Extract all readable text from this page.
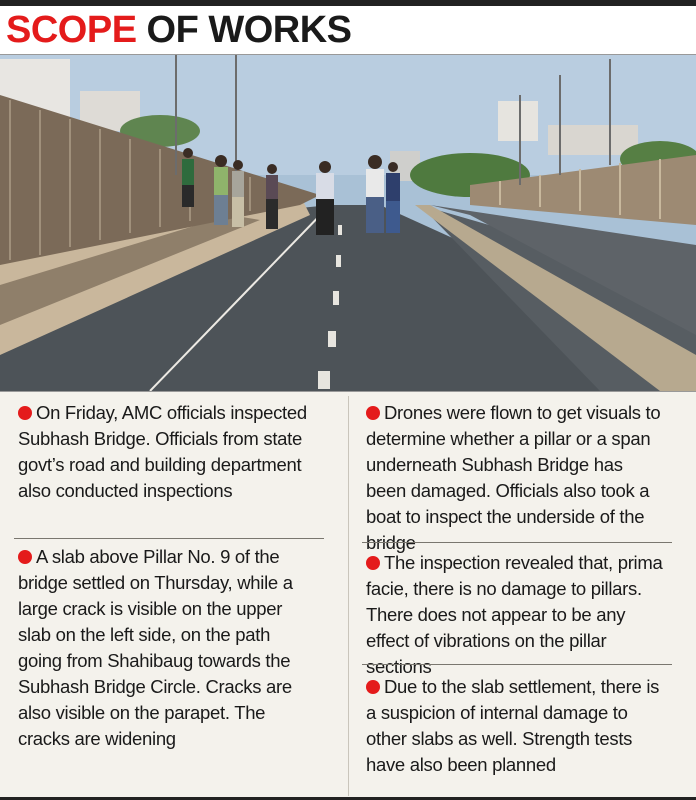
SCOPE OF WORKS
On Friday, AMC officials inspected Subhash Bridge. Officials from state govt’s road and building department also conducted inspections
A slab above Pillar No. 9 of the bridge settled on Thursday, while a large crack is visible on the upper slab on the left side, on the path going from Shahibaug towards the Subhash Bridge Circle. Cracks are also visible on the parapet. The cracks are widening
Drones were flown to get visuals to determine whether a pillar or a span underneath Subhash Bridge has been damaged. Officials also took a boat to inspect the underside of the bridge
The inspection revealed that, prima facie, there is no damage to pillars. There does not appear to be any effect of vibrations on the pillar sections
Due to the slab settlement, there is a suspicion of internal damage to other slabs as well. Strength tests have also been planned
